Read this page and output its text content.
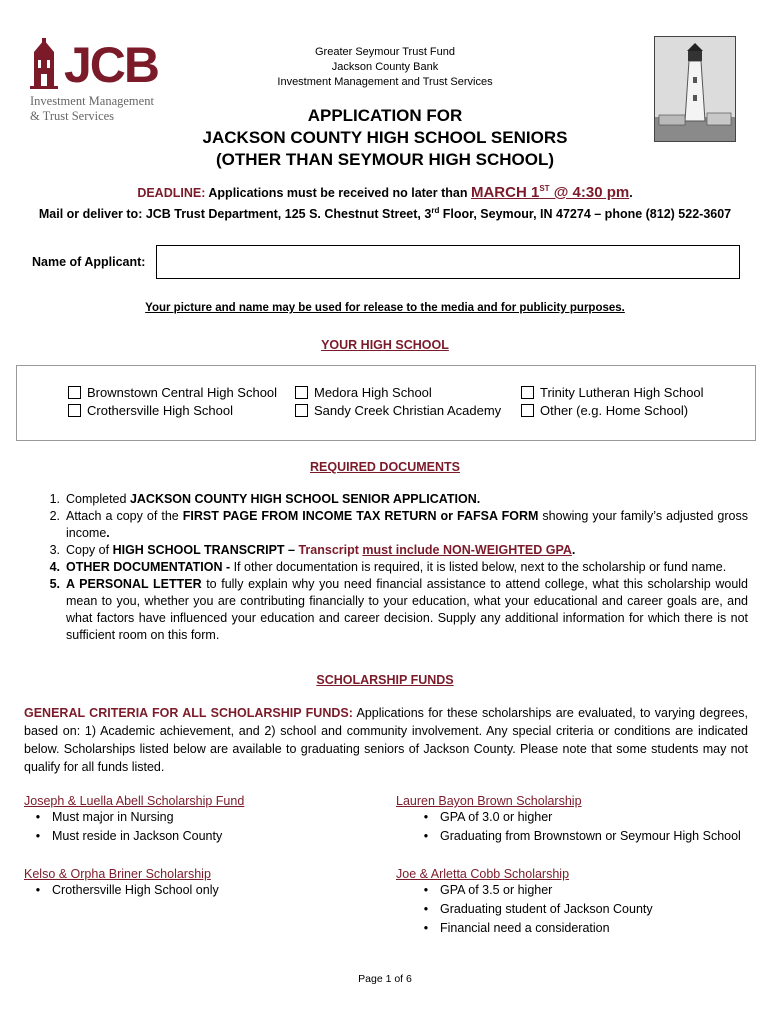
JCB
Investment Management
& Trust Services
Greater Seymour Trust Fund
Jackson County Bank
Investment Management and Trust Services
APPLICATION FOR
JACKSON COUNTY HIGH SCHOOL SENIORS
(OTHER THAN SEYMOUR HIGH SCHOOL)
DEADLINE: Applications must be received no later than MARCH 1ST @ 4:30 pm.
Mail or deliver to: JCB Trust Department, 125 S. Chestnut Street, 3rd Floor, Seymour, IN 47274 – phone (812) 522-3607
Name of Applicant:
Your picture and name may be used for release to the media and for publicity purposes.
YOUR HIGH SCHOOL
Brownstown Central High School
Crothersville High School
Medora High School
Sandy Creek Christian Academy
Trinity Lutheran High School
Other (e.g. Home School)
REQUIRED DOCUMENTS
1. Completed JACKSON COUNTY HIGH SCHOOL SENIOR APPLICATION.
2. Attach a copy of the FIRST PAGE FROM INCOME TAX RETURN or FAFSA FORM showing your family’s adjusted gross income.
3. Copy of HIGH SCHOOL TRANSCRIPT – Transcript must include NON-WEIGHTED GPA.
4. OTHER DOCUMENTATION - If other documentation is required, it is listed below, next to the scholarship or fund name.
5. A PERSONAL LETTER to fully explain why you need financial assistance to attend college, what this scholarship would mean to you, whether you are contributing financially to your education, what your educational and career goals are, and what factors have influenced your education and career decision. Supply any additional information for which there is not sufficient room on this form.
SCHOLARSHIP FUNDS
GENERAL CRITERIA FOR ALL SCHOLARSHIP FUNDS: Applications for these scholarships are evaluated, to varying degrees, based on: 1) Academic achievement, and 2) school and community involvement. Any special criteria or conditions are indicated below. Scholarships listed below are available to graduating seniors of Jackson County. Please note that some students may not qualify for all funds listed.
Joseph & Luella Abell Scholarship Fund
• Must major in Nursing
• Must reside in Jackson County
Lauren Bayon Brown Scholarship
• GPA of 3.0 or higher
• Graduating from Brownstown or Seymour High School
Kelso & Orpha Briner Scholarship
• Crothersville High School only
Joe & Arletta Cobb Scholarship
• GPA of 3.5 or higher
• Graduating student of Jackson County
• Financial need a consideration
Page 1 of 6
